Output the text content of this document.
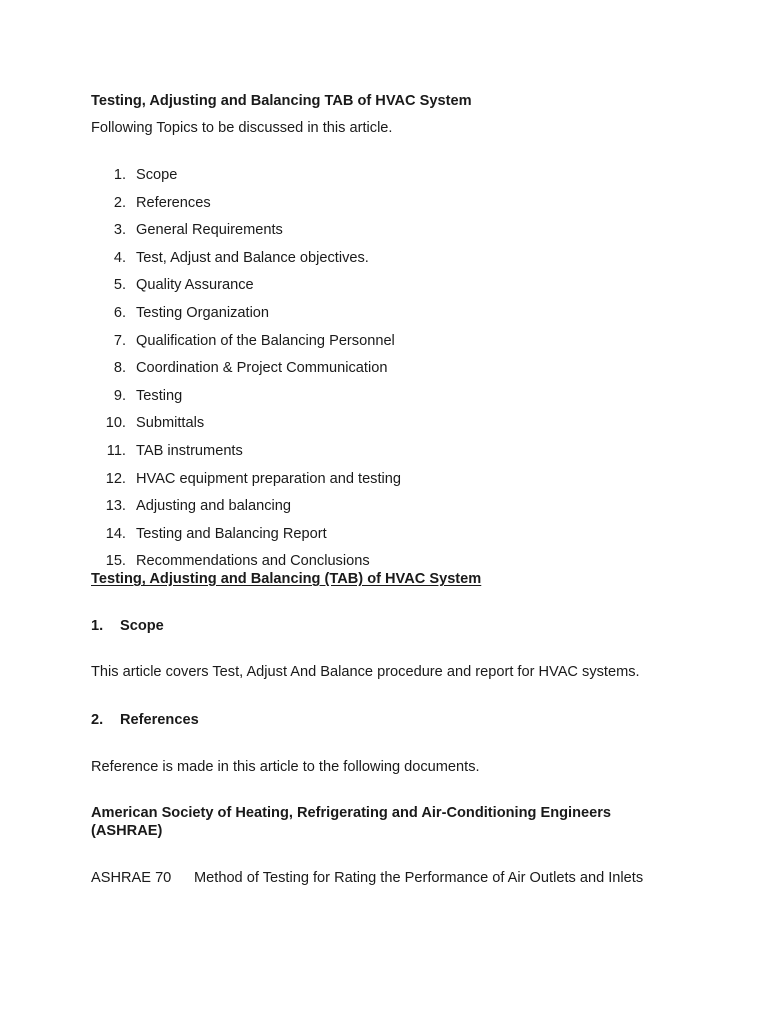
Testing, Adjusting and Balancing TAB of HVAC System
Following Topics to be discussed in this article.
1. Scope
2. References
3. General Requirements
4. Test, Adjust and Balance objectives.
5. Quality Assurance
6. Testing Organization
7. Qualification of the Balancing Personnel
8. Coordination & Project Communication
9. Testing
10. Submittals
11. TAB instruments
12. HVAC equipment preparation and testing
13. Adjusting and balancing
14. Testing and Balancing Report
15. Recommendations and Conclusions
Testing, Adjusting and Balancing (TAB) of HVAC System
1. Scope
This article covers Test, Adjust And Balance procedure and report for HVAC systems.
2. References
Reference is made in this article to the following documents.
American Society of Heating, Refrigerating and Air-Conditioning Engineers
(ASHRAE)
ASHRAE 70 Method of Testing for Rating the Performance of Air Outlets and Inlets
